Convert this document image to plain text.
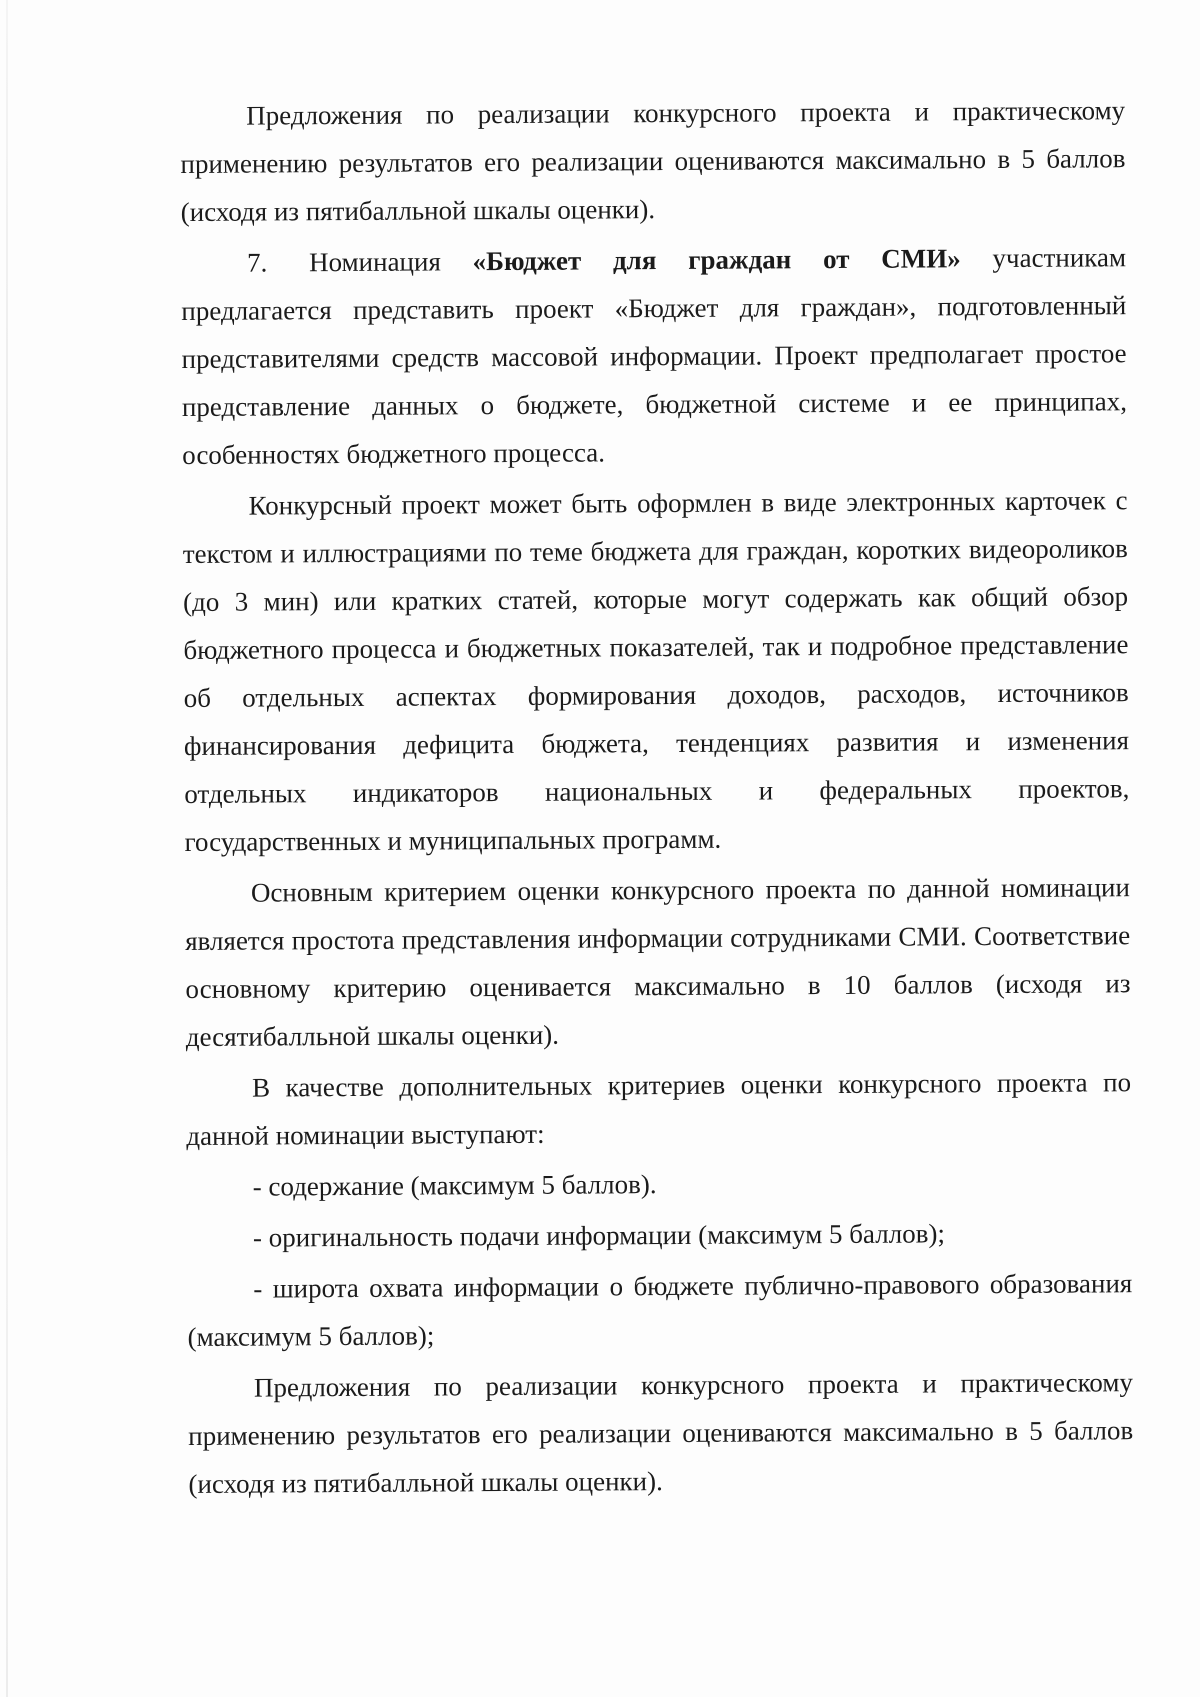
Предложения по реализации конкурсного проекта и практическому применению результатов его реализации оцениваются максимально в 5 баллов (исходя из пятибалльной шкалы оценки).

7. Номинация «Бюджет для граждан от СМИ» участникам предлагается представить проект «Бюджет для граждан», подготовленный представителями средств массовой информации. Проект предполагает простое представление данных о бюджете, бюджетной системе и ее принципах, особенностях бюджетного процесса.

Конкурсный проект может быть оформлен в виде электронных карточек с текстом и иллюстрациями по теме бюджета для граждан, коротких видеороликов (до 3 мин) или кратких статей, которые могут содержать как общий обзор бюджетного процесса и бюджетных показателей, так и подробное представление об отдельных аспектах формирования доходов, расходов, источников финансирования дефицита бюджета, тенденциях развития и изменения отдельных индикаторов национальных и федеральных проектов, государственных и муниципальных программ.

Основным критерием оценки конкурсного проекта по данной номинации является простота представления информации сотрудниками СМИ. Соответствие основному критерию оценивается максимально в 10 баллов (исходя из десятибалльной шкалы оценки).

В качестве дополнительных критериев оценки конкурсного проекта по данной номинации выступают:

- содержание (максимум 5 баллов).

- оригинальность подачи информации (максимум 5 баллов);

- широта охвата информации о бюджете публично-правового образования (максимум 5 баллов);

Предложения по реализации конкурсного проекта и практическому применению результатов его реализации оцениваются максимально в 5 баллов (исходя из пятибалльной шкалы оценки).
